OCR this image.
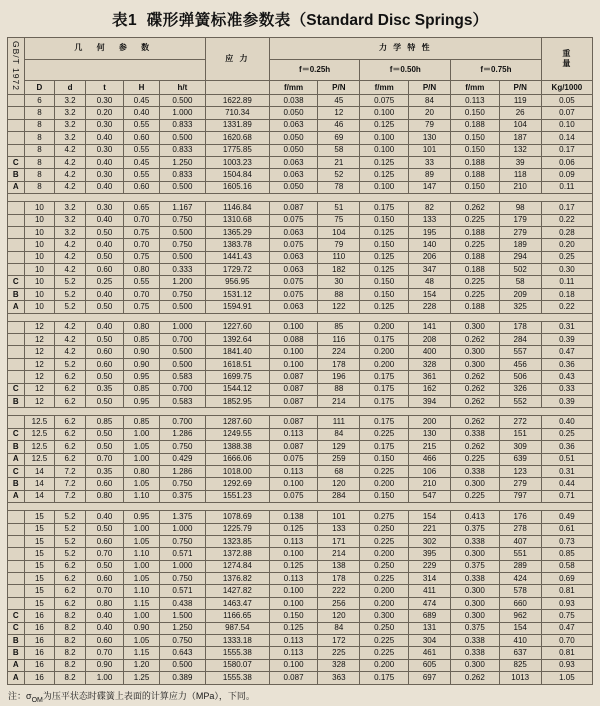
表1 碟形弹簧标准参数表（Standard Disc Springs）
GB/T 1972	几 何 参 数					应 力	力 学 特 性						重
量
							f＝0.25h		f＝0.50h		f＝0.75h		
	D	d	t	H	h/t		f/mm	P/N	f/mm	P/N	f/mm	P/N	Kg/1000
	6	3.2	0.30	0.45	0.500	1622.89	0.038	45	0.075	84	0.113	119	0.05
	8	3.2	0.20	0.40	1.000	710.34	0.050	12	0.100	20	0.150	26	0.07
	8	3.2	0.30	0.55	0.833	1331.89	0.063	46	0.125	79	0.188	104	0.10
	8	3.2	0.40	0.60	0.500	1620.68	0.050	69	0.100	130	0.150	187	0.14
	8	4.2	0.30	0.55	0.833	1775.85	0.050	58	0.100	101	0.150	132	0.17
C	8	4.2	0.40	0.45	1.250	1003.23	0.063	21	0.125	33	0.188	39	0.06
B	8	4.2	0.30	0.55	0.833	1504.84	0.063	52	0.125	89	0.188	118	0.09
A	8	4.2	0.40	0.60	0.500	1605.16	0.050	78	0.100	147	0.150	210	0.11

	10	3.2	0.30	0.65	1.167	1146.84	0.087	51	0.175	82	0.262	98	0.17
	10	3.2	0.40	0.70	0.750	1310.68	0.075	75	0.150	133	0.225	179	0.22
	10	3.2	0.50	0.75	0.500	1365.29	0.063	104	0.125	195	0.188	279	0.28
	10	4.2	0.40	0.70	0.750	1383.78	0.075	79	0.150	140	0.225	189	0.20
	10	4.2	0.50	0.75	0.500	1441.43	0.063	110	0.125	206	0.188	294	0.25
	10	4.2	0.60	0.80	0.333	1729.72	0.063	182	0.125	347	0.188	502	0.30
C	10	5.2	0.25	0.55	1.200	956.95	0.075	30	0.150	48	0.225	58	0.11
B	10	5.2	0.40	0.70	0.750	1531.12	0.075	88	0.150	154	0.225	209	0.18
A	10	5.2	0.50	0.75	0.500	1594.91	0.063	122	0.125	228	0.188	325	0.22

	12	4.2	0.40	0.80	1.000	1227.60	0.100	85	0.200	141	0.300	178	0.31
	12	4.2	0.50	0.85	0.700	1392.64	0.088	116	0.175	208	0.262	284	0.39
	12	4.2	0.60	0.90	0.500	1841.40	0.100	224	0.200	400	0.300	557	0.47
	12	5.2	0.60	0.90	0.500	1618.51	0.100	178	0.200	328	0.300	456	0.36
	12	6.2	0.50	0.95	0.583	1699.75	0.087	196	0.175	361	0.262	506	0.43
C	12	6.2	0.35	0.85	0.700	1544.12	0.087	88	0.175	162	0.262	326	0.33
B	12	6.2	0.50	0.95	0.583	1852.95	0.087	214	0.175	394	0.262	552	0.39

	12.5	6.2	0.85	0.85	0.700	1287.60	0.087	111	0.175	200	0.262	272	0.40
C	12.5	6.2	0.50	1.00	1.286	1249.55	0.113	84	0.225	130	0.338	151	0.25
B	12.5	6.2	0.50	1.05	0.750	1388.38	0.087	129	0.175	215	0.262	309	0.36
A	12.5	6.2	0.70	1.00	0.429	1666.06	0.075	259	0.150	466	0.225	639	0.51
C	14	7.2	0.35	0.80	1.286	1018.00	0.113	68	0.225	106	0.338	123	0.31
B	14	7.2	0.60	1.05	0.750	1292.69	0.100	120	0.200	210	0.300	279	0.44
A	14	7.2	0.80	1.10	0.375	1551.23	0.075	284	0.150	547	0.225	797	0.71

	15	5.2	0.40	0.95	1.375	1078.69	0.138	101	0.275	154	0.413	176	0.49
	15	5.2	0.50	1.00	1.000	1225.79	0.125	133	0.250	221	0.375	278	0.61
	15	5.2	0.60	1.05	0.750	1323.85	0.113	171	0.225	302	0.338	407	0.73
	15	5.2	0.70	1.10	0.571	1372.88	0.100	214	0.200	395	0.300	551	0.85
	15	6.2	0.50	1.00	1.000	1274.84	0.125	138	0.250	229	0.375	289	0.58
	15	6.2	0.60	1.05	0.750	1376.82	0.113	178	0.225	314	0.338	424	0.69
	15	6.2	0.70	1.10	0.571	1427.82	0.100	222	0.200	411	0.300	578	0.81
	15	6.2	0.80	1.15	0.438	1463.47	0.100	256	0.200	474	0.300	660	0.93
C	16	8.2	0.40	1.00	1.500	1166.65	0.150	120	0.300	689	0.300	962	0.75
C	16	8.2	0.40	0.90	1.250	987.54	0.125	84	0.250	131	0.375	154	0.47
B	16	8.2	0.60	1.05	0.750	1333.18	0.113	172	0.225	304	0.338	410	0.70
B	16	8.2	0.70	1.15	0.643	1555.38	0.113	225	0.225	461	0.338	637	0.81
A	16	8.2	0.90	1.20	0.500	1580.07	0.100	328	0.200	605	0.300	825	0.93
A	16	8.2	1.00	1.25	0.389	1555.38	0.087	363	0.175	697	0.262	1013	1.05
注：$\sigma_{OM}$为压平状态时碟簧上表面的计算应力（MPa），下同。
